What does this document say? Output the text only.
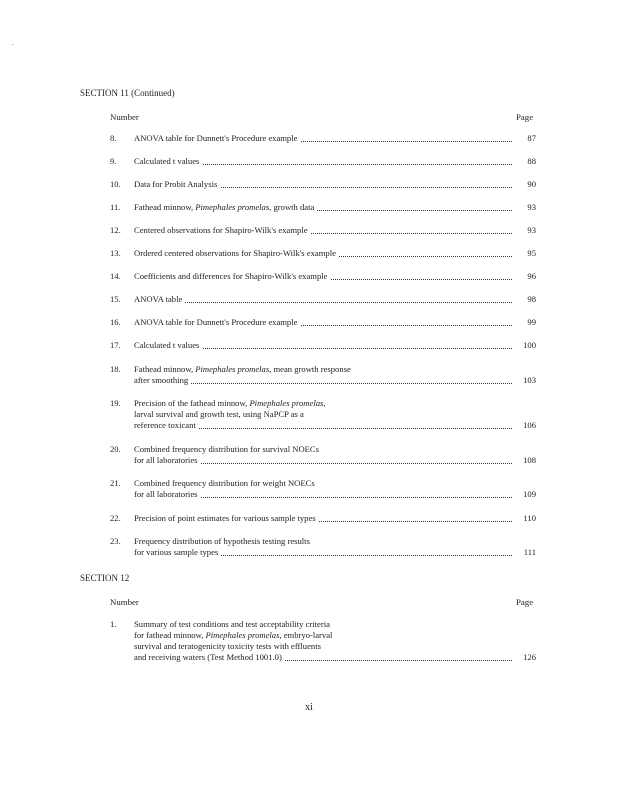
SECTION 11 (Continued)
Number	Page
8.	ANOVA table for Dunnett's Procedure example	87
9.	Calculated t values	88
10.	Data for Probit Analysis	90
11.	Fathead minnow, Pimephales promelas, growth data	93
12.	Centered observations for Shapiro-Wilk's example	93
13.	Ordered centered observations for Shapiro-Wilk's example	95
14.	Coefficients and differences for Shapiro-Wilk's example	96
15.	ANOVA table	98
16.	ANOVA table for Dunnett's Procedure example	99
17.	Calculated t values	100
18.	Fathead minnow, Pimephales promelas, mean growth response
after smoothing	103
19.	Precision of the fathead minnow, Pimephales promelas,
larval survival and growth test, using NaPCP as a
reference toxicant	106
20.	Combined frequency distribution for survival NOECs
for all laboratories	108
21.	Combined frequency distribution for weight NOECs
for all laboratories	109
22.	Precision of point estimates for various sample types	110
23.	Frequency distribution of hypothesis testing results
for various sample types	111
SECTION 12
Number	Page
1.	Summary of test conditions and test acceptability criteria
for fathead minnow, Pimephales promelas, embryo-larval
survival and teratogenicity toxicity tests with effluents
and receiving waters (Test Method 1001.0)	126
xi
